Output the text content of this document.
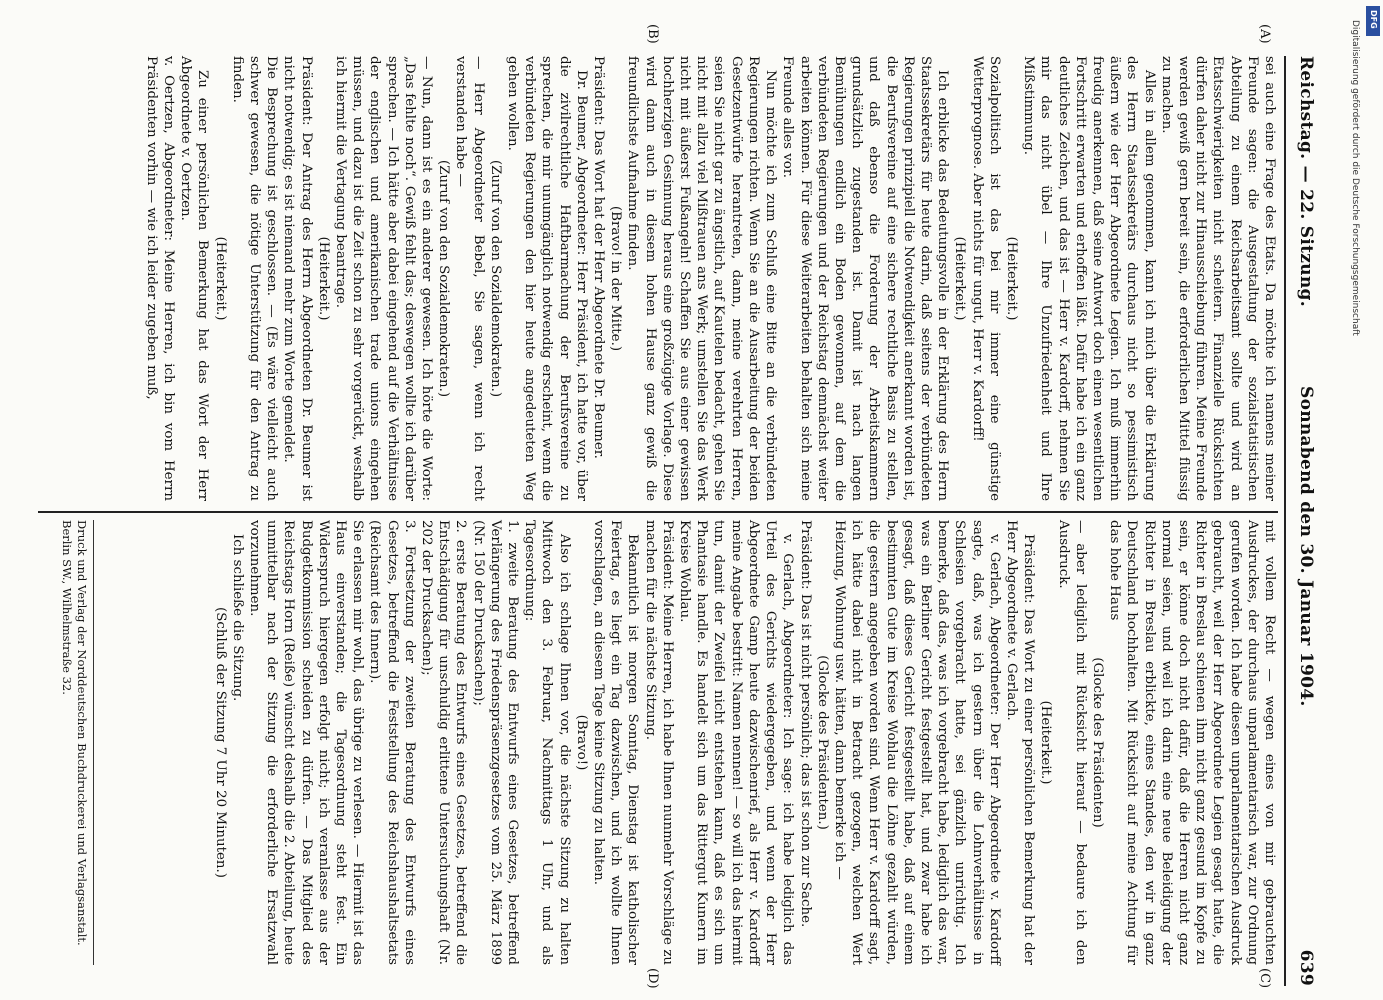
Reichstag. — 22. Sitzung.
Sonnabend den 30. Januar 1904.
639
(A)
(B)
(C)
(D)

sei auch eine Frage des Etats. Da möchte ich namens meiner Freunde sagen: die Ausgestaltung der sozialstatistischen Abteilung zu einem Reichsarbeitsamt sollte und wird an Etatsschwierigkeiten nicht scheitern. Finanzielle Rücksichten dürfen daher nicht zur Hinausschiebung führen. Meine Freunde werden gewiß gern bereit sein, die erforderlichen Mittel flüssig zu machen.

Alles in allem genommen, kann ich mich über die Erklärung des Herrn Staatssekretärs durchaus nicht so pessimistisch äußern wie der Herr Abgeordnete Legien. Ich muß immerhin freudig anerkennen, daß seine Antwort doch einen wesentlichen Fortschritt erwarten und erhoffen läßt. Dafür habe ich ein ganz deutliches Zeichen, und das ist — Herr v. Kardorff, nehmen Sie mir das nicht übel — Ihre Unzufriedenheit und Ihre Mißstimmung.

(Heiterkeit.)

Sozialpolitisch ist das bei mir immer eine günstige Wetterprognose. Aber nichts für ungut, Herr v. Kardorff!

(Heiterkeit.)

Ich erblicke das Bedeutungsvolle in der Erklärung des Herrn Staatssekretärs für heute darin, daß seitens der verbündeten Regierungen prinzipiell die Notwendigkeit anerkannt worden ist, die Berufsvereine auf eine sichere rechtliche Basis zu stellen, und daß ebenso die Forderung der Arbeitskammern grundsätzlich zugestanden ist. Damit ist nach langen Bemühungen endlich ein Boden gewonnen, auf dem die verbündeten Regierungen und der Reichstag demnächst weiter arbeiten können. Für diese Weiterarbeiten behalten sich meine Freunde alles vor.

Nun möchte ich zum Schluß eine Bitte an die verbündeten Regierungen richten. Wenn Sie an die Ausarbeitung der beiden Gesetzentwürfe herantreten, dann, meine verehrten Herren, seien Sie nicht gar zu ängstlich, auf Kautelen bedacht, gehen Sie nicht mit allzu viel Mißtrauen ans Werk; umstellen Sie das Werk nicht mit äußerst Fußangeln! Schaffen Sie aus einer gewissen hochherzigen Gesinnung heraus eine großzügige Vorlage. Diese wird dann auch in diesem hohen Hause ganz gewiß die freundlichste Aufnahme finden.

(Bravo! in der Mitte.)

Präsident: Das Wort hat der Herr Abgeordnete Dr. Beumer.

Dr. Beumer, Abgeordneter: Herr Präsident, ich hatte vor, über die zivilrechtliche Haftbarmachung der Berufsvereine zu sprechen, die mir unumgänglich notwendig erscheint, wenn die verbündeten Regierungen den hier heute angedeuteten Weg gehen wollen.

(Zuruf von den Sozialdemokraten.)

— Herr Abgeordneter Bebel, Sie sagen, wenn ich recht verstanden habe —

(Zuruf von den Sozialdemokraten.)

— Nun, dann ist es ein anderer gewesen. Ich hörte die Worte: „Das fehlte noch“. Gewiß fehlt das; deswegen wollte ich darüber sprechen. — Ich hätte aber dabei eingehend auf die Verhältnisse der englischen und amerikanischen trade unions eingehen müssen, und dazu ist die Zeit schon zu sehr vorgerückt, weshalb ich hiermit die Vertagung beantrage.

(Heiterkeit.)

Präsident: Der Antrag des Herrn Abgeordneten Dr. Beumer ist nicht notwendig; es ist niemand mehr zum Worte gemeldet.

Die Besprechung ist geschlossen. — (Es wäre vielleicht auch schwer gewesen, die nötige Unterstützung für den Antrag zu finden.

(Heiterkeit.)

Zu einer persönlichen Bemerkung hat das Wort der Herr Abgeordnete v. Oertzen.

v. Oertzen, Abgeordneter: Meine Herren, ich bin vom Herrn Präsidenten vorhin — wie ich leider zugeben muß,

mit vollem Recht — wegen eines von mir gebrauchten Ausdruckes, der durchaus unparlamentarisch war, zur Ordnung gerufen worden. Ich habe diesen unparlamentarischen Ausdruck gebraucht, weil der Herr Abgeordnete Legien gesagt hatte, die Richter in Breslau schienen ihm nicht ganz gesund im Kopfe zu sein, er könne doch nicht dafür, daß die Herren nicht ganz normal seien, und weil ich darin eine neue Beleidigung der Richter in Breslau erblickte, eines Standes, den wir in ganz Deutschland hochhalten. Mit Rücksicht auf meine Achtung für das hohe Haus

(Glocke des Präsidenten)

— aber lediglich mit Rücksicht hierauf — bedaure ich den Ausdruck.

(Heiterkeit.)

Präsident: Das Wort zu einer persönlichen Bemerkung hat der Herr Abgeordnete v. Gerlach.

v. Gerlach, Abgeordneter: Der Herr Abgeordnete v. Kardorff sagte, daß, was ich gestern über die Lohnverhältnisse in Schlesien vorgebracht hatte, sei gänzlich unrichtig. Ich bemerke, daß das, was ich vorgebracht habe, lediglich das war, was ein Berliner Gericht festgestellt hat, und zwar habe ich gesagt, daß dieses Gericht festgestellt habe, daß auf einem bestimmten Gute im Kreise Wohlau die Löhne gezahlt würden, die gestern angegeben worden sind. Wenn Herr v. Kardorff sagt, ich hätte dabei nicht in Betracht gezogen, welchen Wert Heizung, Wohnung usw. hätten, dann bemerke ich —

(Glocke des Präsidenten.)

Präsident: Das ist nicht persönlich; das ist schon zur Sache.

v. Gerlach, Abgeordneter: Ich sage: ich habe lediglich das Urteil des Gerichts wiedergegeben, und wenn der Herr Abgeordnete Gamp heute dazwischenrief, als Herr v. Kardorff meine Angabe bestritt: Namen nennen! — so will ich das hiermit tun, damit der Zweifel nicht entstehen kann, daß es sich um Phantasie handle. Es handelt sich um das Rittergut Kunern im Kreise Wohlau.

Präsident: Meine Herren, ich habe Ihnen nunmehr Vorschläge zu machen für die nächste Sitzung.

Bekanntlich ist morgen Sonntag, Dienstag ist katholischer Feiertag, es liegt ein Tag dazwischen, und ich wollte Ihnen vorschlagen, an diesem Tage keine Sitzung zu halten.

(Bravo!)

Also ich schlage Ihnen vor, die nächste Sitzung zu halten Mittwoch den 3. Februar, Nachmittags 1 Uhr, und als Tagesordnung:

1. zweite Beratung des Entwurfs eines Gesetzes, betreffend Verlängerung des Friedenspräsenzgesetzes vom 25. März 1899 (Nr. 150 der Drucksachen);

2. erste Beratung des Entwurfs eines Gesetzes, betreffend die Entschädigung für unschuldig erlittene Untersuchungshaft (Nr. 202 der Drucksachen);

3. Fortsetzung der zweiten Beratung des Entwurfs eines Gesetzes, betreffend die Feststellung des Reichshaushaltsetats (Reichsamt des Innern).

Sie erlassen mir wohl, das übrige zu verlesen. — Hiermit ist das Haus einverstanden; die Tagesordnung steht fest. Ein Widerspruch hiergegen erfolgt nicht; ich veranlasse aus der Budgetkommission scheiden zu dürfen. — Das Mitglied des Reichstags Horn (Reiße) wünscht deshalb die 2. Abteilung, heute unmittelbar nach der Sitzung die erforderliche Ersatzwahl vorzunehmen.

Ich schließe die Sitzung.

(Schluß der Sitzung 7 Uhr 20 Minuten.)

Druck und Verlag der Norddeutschen Buchdruckerei und Verlagsanstalt. Berlin SW., Wilhelmstraße 32.
Digitalisierung gefördert durch die Deutsche Forschungsgemeinschaft
DFG
